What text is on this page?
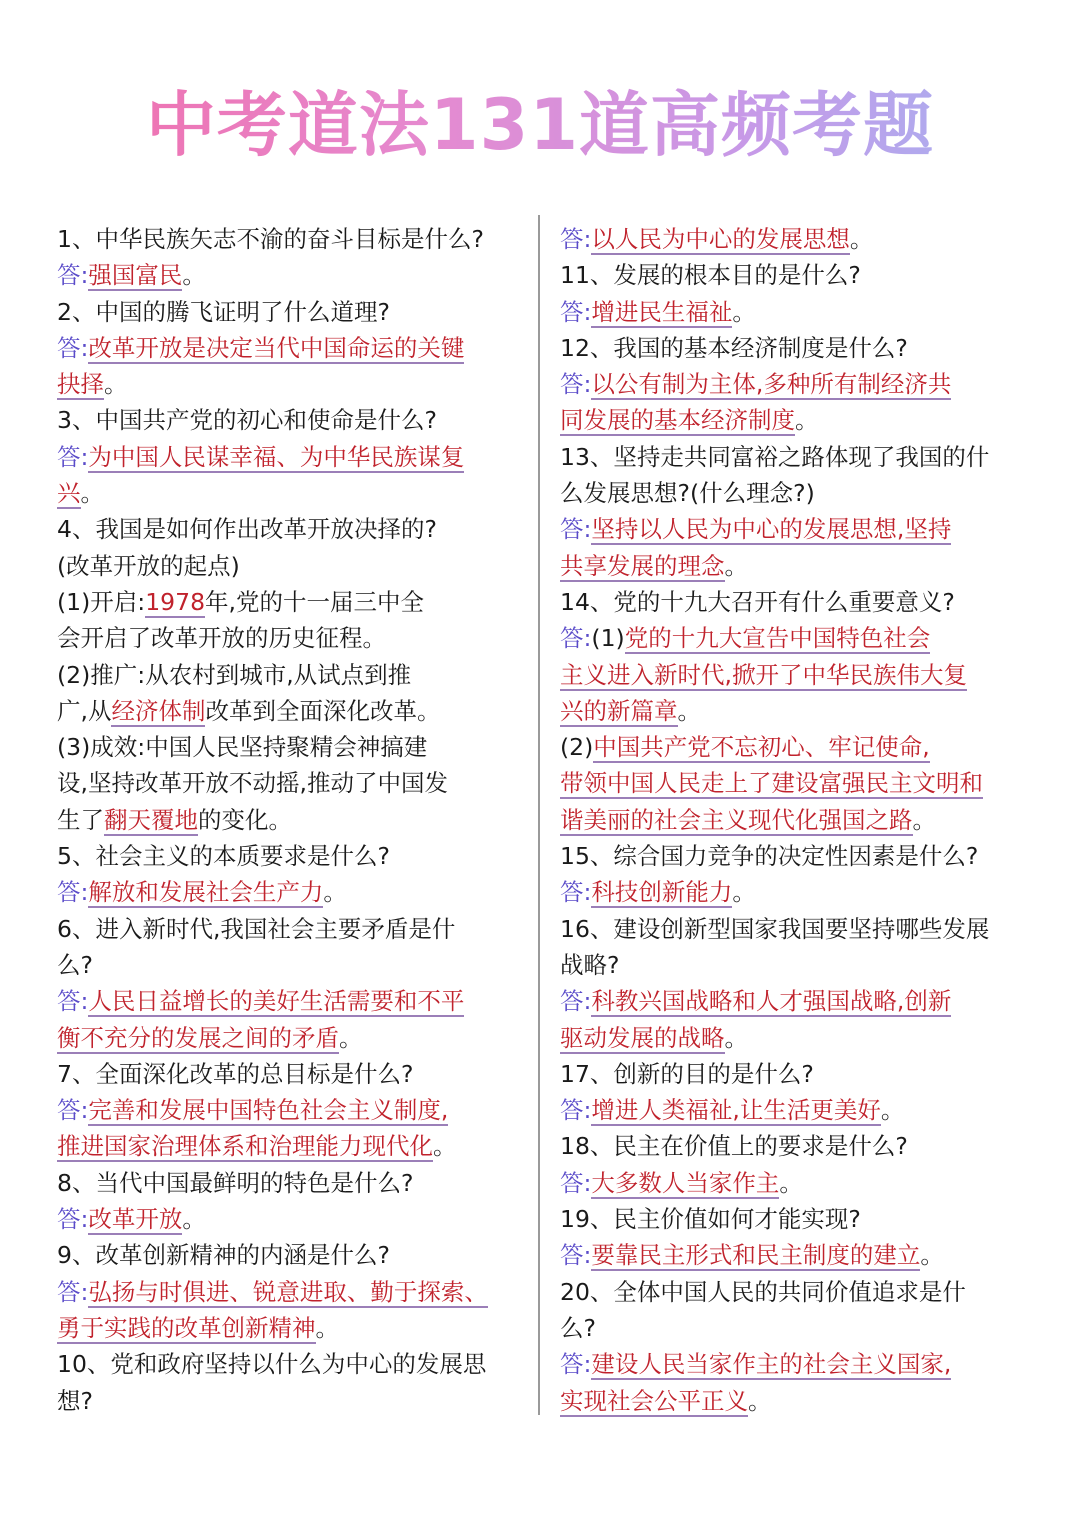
中考道法131道高频考题
1、中华民族矢志不渝的奋斗目标是什么?
答:强国富民。
2、中国的腾飞证明了什么道理?
答:改革开放是决定当代中国命运的关键
抉择。
3、中国共产党的初心和使命是什么?
答:为中国人民谋幸福、为中华民族谋复
兴。
4、我国是如何作出改革开放决择的?
(改革开放的起点)
(1)开启:1978年,党的十一届三中全
会开启了改革开放的历史征程。
(2)推广:从农村到城市,从试点到推
广,从经济体制改革到全面深化改革。
(3)成效:中国人民坚持聚精会神搞建
设,坚持改革开放不动摇,推动了中国发
生了翻天覆地的变化。
5、社会主义的本质要求是什么?
答:解放和发展社会生产力。
6、进入新时代,我国社会主要矛盾是什
么?
答:人民日益增长的美好生活需要和不平
衡不充分的发展之间的矛盾。
7、全面深化改革的总目标是什么?
答:完善和发展中国特色社会主义制度,
推进国家治理体系和治理能力现代化。
8、当代中国最鲜明的特色是什么?
答:改革开放。
9、改革创新精神的内涵是什么?
答:弘扬与时俱进、锐意进取、勤于探索、
勇于实践的改革创新精神。
10、党和政府坚持以什么为中心的发展思
想?
答:以人民为中心的发展思想。
11、发展的根本目的是什么?
答:增进民生福祉。
12、我国的基本经济制度是什么?
答:以公有制为主体,多种所有制经济共
同发展的基本经济制度。
13、坚持走共同富裕之路体现了我国的什
么发展思想?(什么理念?)
答:坚持以人民为中心的发展思想,坚持
共享发展的理念。
14、党的十九大召开有什么重要意义?
答:(1)党的十九大宣告中国特色社会
主义进入新时代,掀开了中华民族伟大复
兴的新篇章。
(2)中国共产党不忘初心、牢记使命,
带领中国人民走上了建设富强民主文明和
谐美丽的社会主义现代化强国之路。
15、综合国力竞争的决定性因素是什么?
答:科技创新能力。
16、建设创新型国家我国要坚持哪些发展
战略?
答:科教兴国战略和人才强国战略,创新
驱动发展的战略。
17、创新的目的是什么?
答:增进人类福祉,让生活更美好。
18、民主在价值上的要求是什么?
答:大多数人当家作主。
19、民主价值如何才能实现?
答:要靠民主形式和民主制度的建立。
20、全体中国人民的共同价值追求是什
么?
答:建设人民当家作主的社会主义国家,
实现社会公平正义。
